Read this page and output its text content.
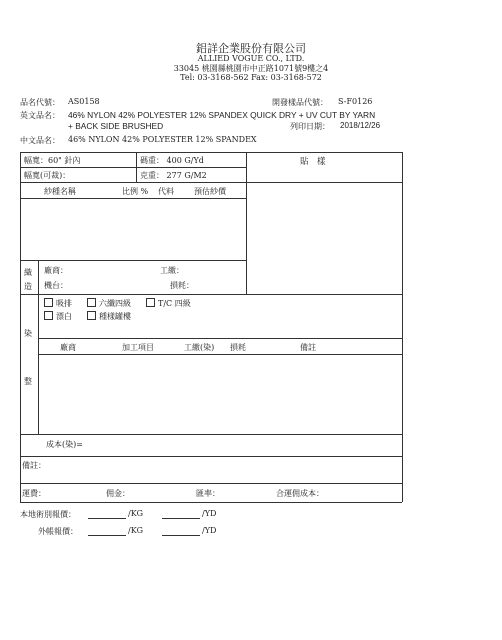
鋁詳企業股份有限公司
ALLIED VOGUE CO., LTD.
33045 桃園縣桃園市中正路1071號9樓之4
Tel: 03-3168-562 Fax: 03-3168-572
品名代號： AS0158	開發樣品代號： S-F0126
英文品名： 46% NYLON 42% POLYESTER 12% SPANDEX QUICK DRY + UV CUT BY YARN
+ BACK SIDE BRUSHED	列印日期： 2018/12/26
中文品名： 46% NYLON 42% POLYESTER 12% SPANDEX
幅寬：60" 針內	碼重： 400 G/Yd	貼　樣
幅寬(可裁)：	克重： 277 G/M2
紗種名稱	比例 % 代料	預估紗價
織
造
廠商：	工繳：
機台：	損耗：
染
整
吸排	六纖四級	T/C 四級
漂白	種樣罐樓
廠商	加工項目	工繳(染) 損耗	備註
成本(染)=
備註：
運費：	佣金：	匯率：	合運佣成本：
本地術別報價：	/KG	/YD
外帳報價：	/KG	/YD
